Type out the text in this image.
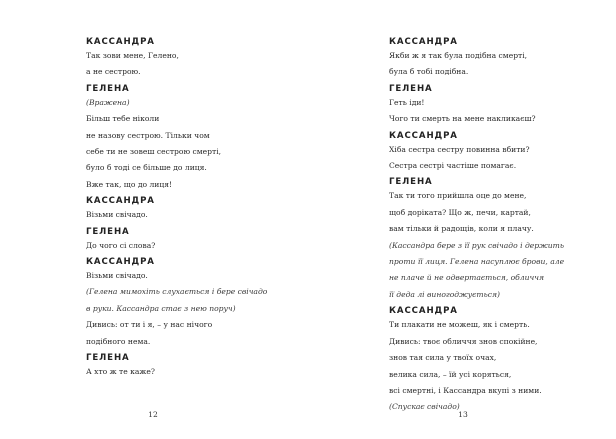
КАССАНДРА
Так зови мене, Гелено,
а не сестрою.
ГЕЛЕНА
(Вражена)
Більш тебе ніколи
не назову сестрою. Тільки чом
себе ти не зовеш сестрою смерті,
було б тоді се більше до лиця.
Вже так, що до лиця!
КАССАНДРА
Візьми свічадо.
ГЕЛЕНА
До чого сі слова?
КАССАНДРА
Візьми свічадо.
(Гелена мимохіть слухається і бере свічадо
в руки. Кассандра стає з нею поруч)
Дивись: от ти і я, – у нас нічого
подібного нема.
ГЕЛЕНА
А хто ж те каже?
12
КАССАНДРА
Якби ж я так була подібна смерті,
була б тобі подібна.
ГЕЛЕНА
Геть іди!
Чого ти смерть на мене накликаєш?
КАССАНДРА
Хіба сестра сестру повинна вбити?
Сестра сестрі частіше помагає.
ГЕЛЕНА
Так ти того прийшла оце до мене,
щоб доріката? Що ж, печи, картай,
вам тільки й радощів, коли я плачу.
(Кассандра бере з її рук свічадо і держить
проти її лиця. Гелена насуплює брови, але
не плаче й не одвертається, обличчя
її деда лі виногоджується)
КАССАНДРА
Ти плакати не можеш, як і смерть.
Дивись: твоє обличчя знов спокійне,
знов тая сила у твоїх очах,
велика сила, – їй усі коряться,
всі смертні, і Кассандра вкупі з ними.
(Спускає свічадо)
13
